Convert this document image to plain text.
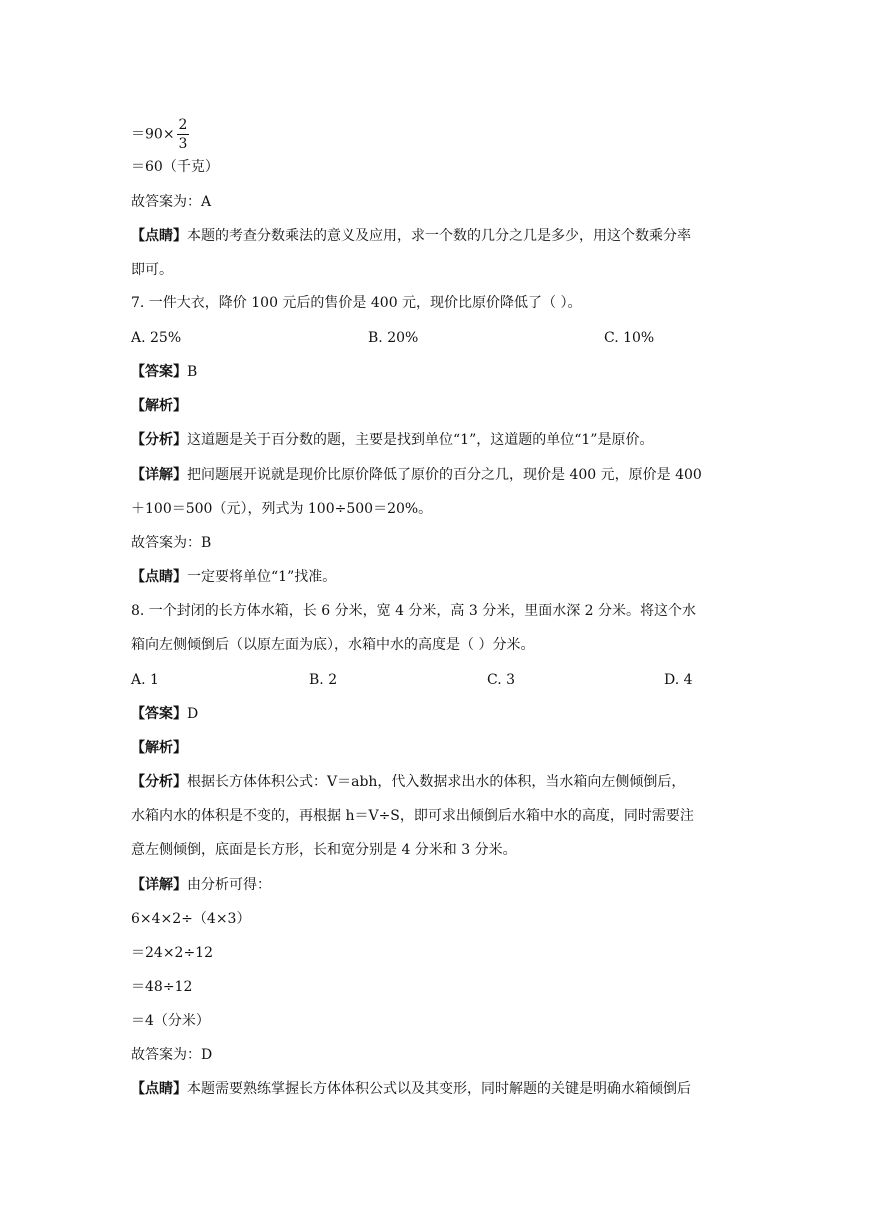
$=90\times \frac{2}{3}$
＝60（千克）
故答案为：A
【点睛】本题的考查分数乘法的意义及应用，求一个数的几分之几是多少，用这个数乘分率
即可。
7. 一件大衣，降价 100 元后的售价是 400 元，现价比原价降低了（ ）。
A. 25%	B. 20%	C. 10%
【答案】B
【解析】
【分析】这道题是关于百分数的题，主要是找到单位“1”，这道题的单位“1”是原价。
【详解】把问题展开说就是现价比原价降低了原价的百分之几，现价是 400 元，原价是 400
＋100＝500（元），列式为 100÷500＝20%。
故答案为：B
【点睛】一定要将单位“1”找准。
8. 一个封闭的长方体水箱，长 6 分米，宽 4 分米，高 3 分米，里面水深 2 分米。将这个水
箱向左侧倾倒后（以原左面为底），水箱中水的高度是（ ）分米。
A. 1	B. 2	C. 3	D. 4
【答案】D
【解析】
【分析】根据长方体体积公式：V＝abh，代入数据求出水的体积，当水箱向左侧倾倒后，
水箱内水的体积是不变的，再根据 h＝V÷S，即可求出倾倒后水箱中水的高度，同时需要注
意左侧倾倒，底面是长方形，长和宽分别是 4 分米和 3 分米。
【详解】由分析可得：
6×4×2÷（4×3）
＝24×2÷12
＝48÷12
＝4（分米）
故答案为：D
【点睛】本题需要熟练掌握长方体体积公式以及其变形，同时解题的关键是明确水箱倾倒后
